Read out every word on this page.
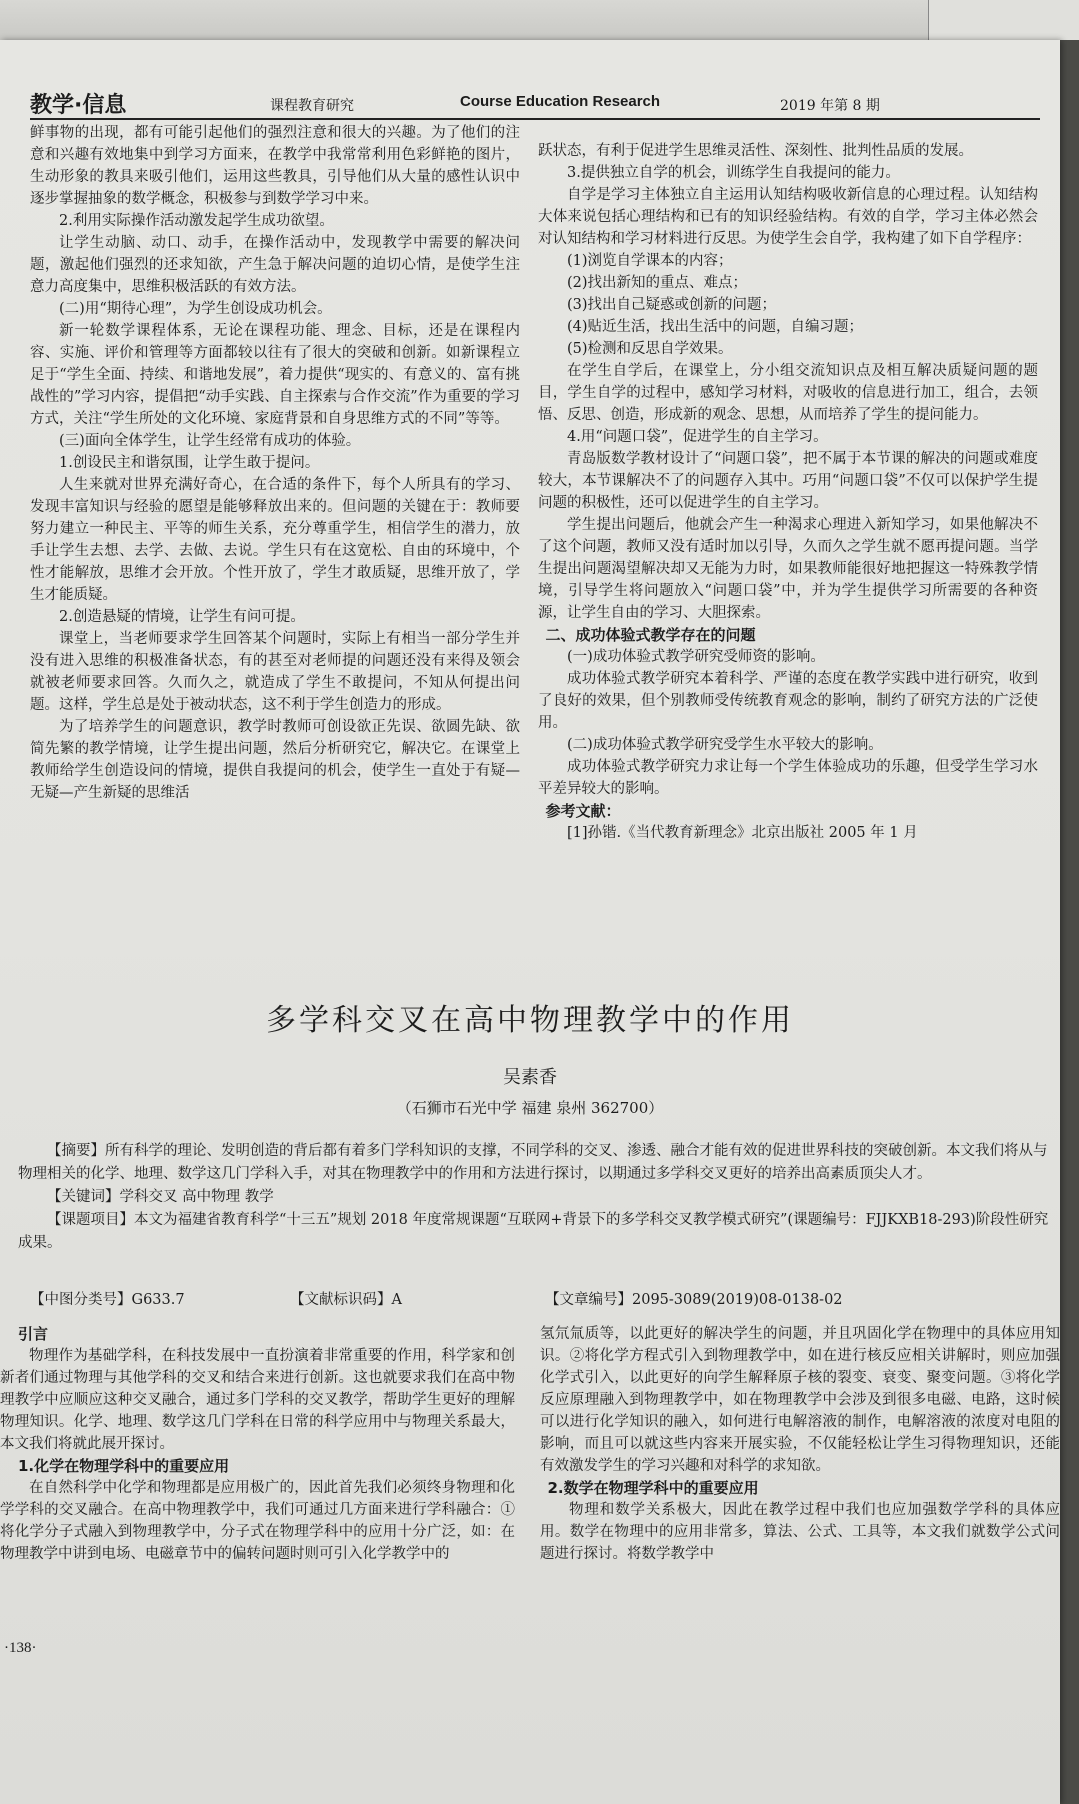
教学·信息	课程教育研究	Course Education Research	2019 年第 8 期

鲜事物的出现，都有可能引起他们的强烈注意和很大的兴趣。为了他们的注意和兴趣有效地集中到学习方面来，在教学中我常常利用色彩鲜艳的图片，生动形象的教具来吸引他们，运用这些教具，引导他们从大量的感性认识中逐步掌握抽象的数学概念，积极参与到数学学习中来。

2.利用实际操作活动激发起学生成功欲望。

让学生动脑、动口、动手，在操作活动中，发现教学中需要的解决问题，激起他们强烈的还求知欲，产生急于解决问题的迫切心情，是使学生注意力高度集中，思维积极活跃的有效方法。

(二)用“期待心理”，为学生创设成功机会。

新一轮数学课程体系，无论在课程功能、理念、目标，还是在课程内容、实施、评价和管理等方面都较以往有了很大的突破和创新。如新课程立足于“学生全面、持续、和谐地发展”，着力提供“现实的、有意义的、富有挑战性的”学习内容，提倡把“动手实践、自主探索与合作交流”作为重要的学习方式，关注“学生所处的文化环境、家庭背景和自身思维方式的不同”等等。

(三)面向全体学生，让学生经常有成功的体验。

1.创设民主和谐氛围，让学生敢于提问。

人生来就对世界充满好奇心，在合适的条件下，每个人所具有的学习、发现丰富知识与经验的愿望是能够释放出来的。但问题的关键在于：教师要努力建立一种民主、平等的师生关系，充分尊重学生，相信学生的潜力，放手让学生去想、去学、去做、去说。学生只有在这宽松、自由的环境中，个性才能解放，思维才会开放。个性开放了，学生才敢质疑，思维开放了，学生才能质疑。

2.创造悬疑的情境，让学生有问可提。

课堂上，当老师要求学生回答某个问题时，实际上有相当一部分学生并没有进入思维的积极准备状态，有的甚至对老师提的问题还没有来得及领会就被老师要求回答。久而久之，就造成了学生不敢提问，不知从何提出问题。这样，学生总是处于被动状态，这不利于学生创造力的形成。

为了培养学生的问题意识，教学时教师可创设欲正先误、欲圆先缺、欲简先繁的教学情境，让学生提出问题，然后分析研究它，解决它。在课堂上教师给学生创造设问的情境，提供自我提问的机会，使学生一直处于有疑—无疑—产生新疑的思维活

跃状态，有利于促进学生思维灵活性、深刻性、批判性品质的发展。

3.提供独立自学的机会，训练学生自我提问的能力。

自学是学习主体独立自主运用认知结构吸收新信息的心理过程。认知结构大体来说包括心理结构和已有的知识经验结构。有效的自学，学习主体必然会对认知结构和学习材料进行反思。为使学生会自学，我构建了如下自学程序：

(1)浏览自学课本的内容；

(2)找出新知的重点、难点；

(3)找出自己疑惑或创新的问题；

(4)贴近生活，找出生活中的问题，自编习题；

(5)检测和反思自学效果。

在学生自学后，在课堂上，分小组交流知识点及相互解决质疑问题的题目，学生自学的过程中，感知学习材料，对吸收的信息进行加工，组合，去领悟、反思、创造，形成新的观念、思想，从而培养了学生的提问能力。

4.用“问题口袋”，促进学生的自主学习。

青岛版数学教材设计了“问题口袋”，把不属于本节课的解决的问题或难度较大，本节课解决不了的问题存入其中。巧用“问题口袋”不仅可以保护学生提问题的积极性，还可以促进学生的自主学习。

学生提出问题后，他就会产生一种渴求心理进入新知学习，如果他解决不了这个问题，教师又没有适时加以引导，久而久之学生就不愿再提问题。当学生提出问题渴望解决却又无能为力时，如果教师能很好地把握这一特殊教学情境，引导学生将问题放入“问题口袋”中，并为学生提供学习所需要的各种资源，让学生自由的学习、大胆探索。

二、成功体验式教学存在的问题

(一)成功体验式教学研究受师资的影响。

成功体验式教学研究本着科学、严谨的态度在教学实践中进行研究，收到了良好的效果，但个别教师受传统教育观念的影响，制约了研究方法的广泛使用。

(二)成功体验式教学研究受学生水平较大的影响。

成功体验式教学研究力求让每一个学生体验成功的乐趣，但受学生学习水平差异较大的影响。

参考文献：

[1]孙锴.《当代教育新理念》北京出版社 2005 年 1 月

多学科交叉在高中物理教学中的作用
吴素香
（石狮市石光中学 福建 泉州 362700）

【摘要】所有科学的理论、发明创造的背后都有着多门学科知识的支撑，不同学科的交叉、渗透、融合才能有效的促进世界科技的突破创新。本文我们将从与物理相关的化学、地理、数学这几门学科入手，对其在物理教学中的作用和方法进行探讨，以期通过多学科交叉更好的培养出高素质顶尖人才。

【关键词】学科交叉 高中物理 教学

【课题项目】本文为福建省教育科学“十三五”规划 2018 年度常规课题“互联网+背景下的多学科交叉教学模式研究”(课题编号：FJJKXB18-293)阶段性研究成果。

【中图分类号】G633.7	【文献标识码】A	【文章编号】2095-3089(2019)08-0138-02

引言

物理作为基础学科，在科技发展中一直扮演着非常重要的作用，科学家和创新者们通过物理与其他学科的交叉和结合来进行创新。这也就要求我们在高中物理教学中应顺应这种交叉融合，通过多门学科的交叉教学，帮助学生更好的理解物理知识。化学、地理、数学这几门学科在日常的科学应用中与物理关系最大，本文我们将就此展开探讨。

1.化学在物理学科中的重要应用

在自然科学中化学和物理都是应用极广的，因此首先我们必须终身物理和化学学科的交叉融合。在高中物理教学中，我们可通过几方面来进行学科融合：①将化学分子式融入到物理教学中，分子式在物理学科中的应用十分广泛，如：在物理教学中讲到电场、电磁章节中的偏转问题时则可引入化学教学中的

氢氘氚质等，以此更好的解决学生的问题，并且巩固化学在物理中的具体应用知识。②将化学方程式引入到物理教学中，如在进行核反应相关讲解时，则应加强化学式引入，以此更好的向学生解释原子核的裂变、衰变、聚变问题。③将化学反应原理融入到物理教学中，如在物理教学中会涉及到很多电磁、电路，这时候可以进行化学知识的融入，如何进行电解溶液的制作，电解溶液的浓度对电阻的影响，而且可以就这些内容来开展实验，不仅能轻松让学生习得物理知识，还能有效激发学生的学习兴趣和对科学的求知欲。

2.数学在物理学科中的重要应用

物理和数学关系极大，因此在教学过程中我们也应加强数学学科的具体应用。数学在物理中的应用非常多，算法、公式、工具等，本文我们就数学公式问题进行探讨。将数学教学中

·138·
